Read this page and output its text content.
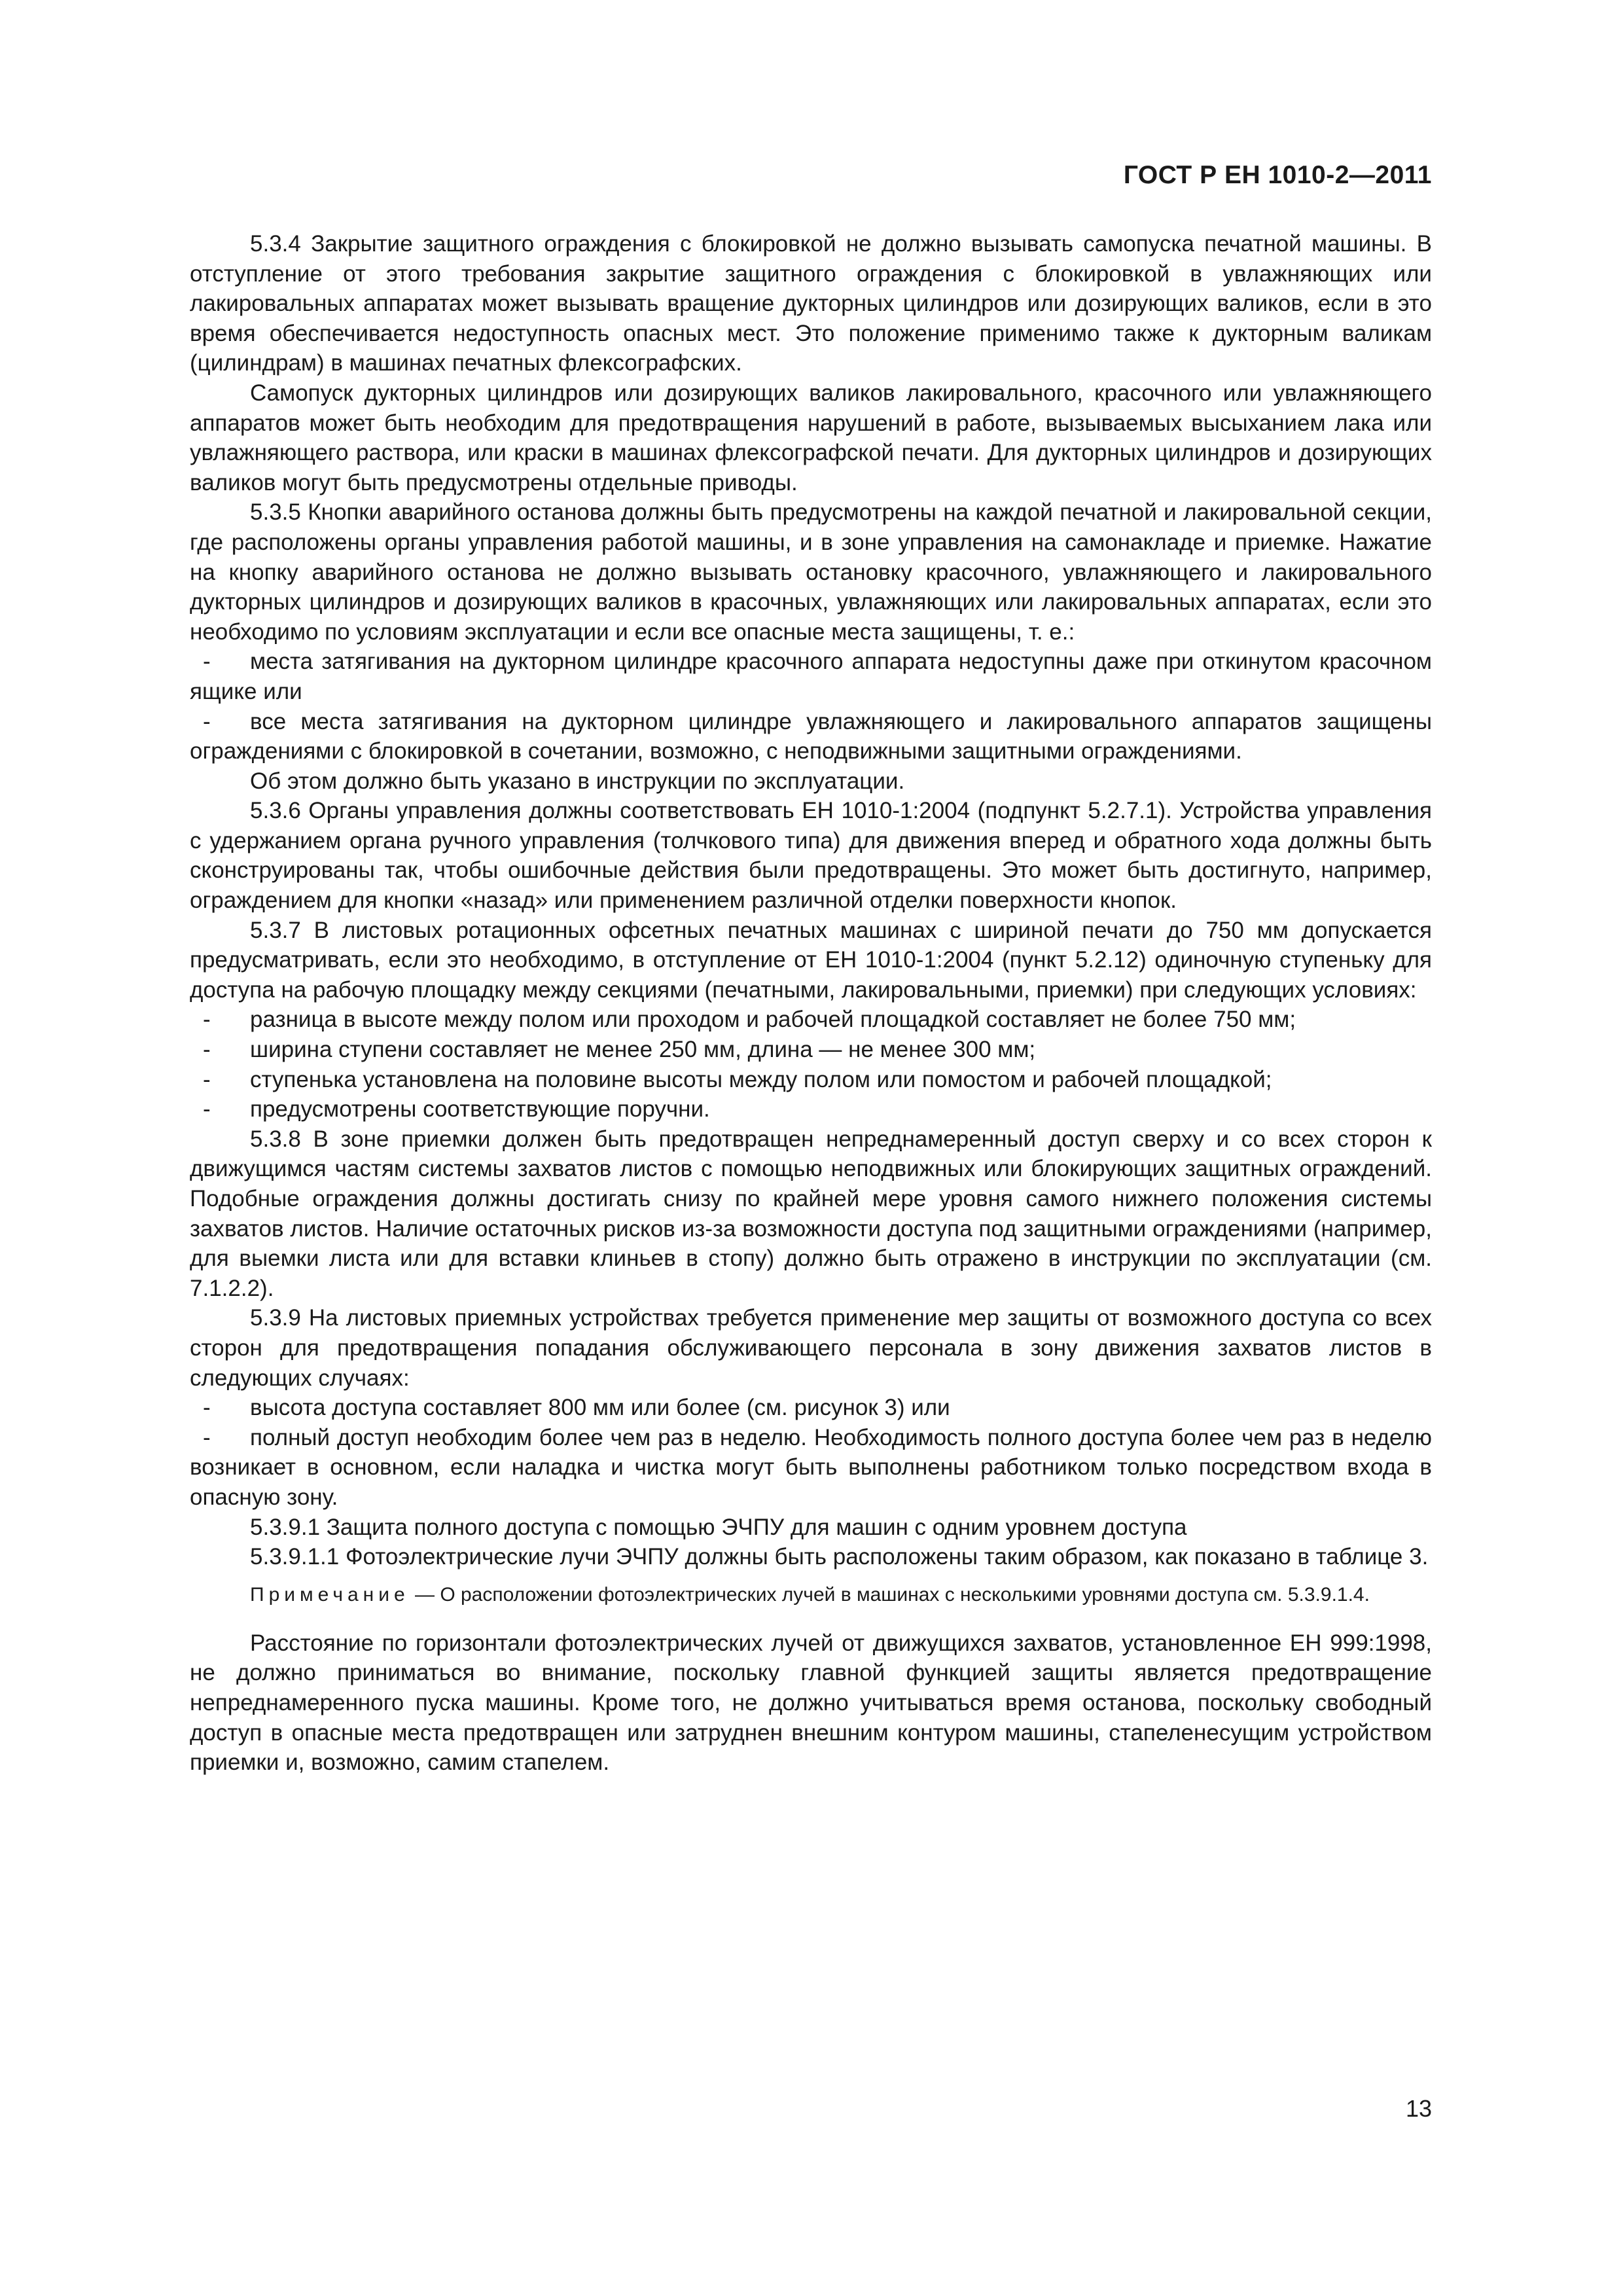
ГОСТ Р ЕН 1010-2—2011

5.3.4 Закрытие защитного ограждения с блокировкой не должно вызывать самопуска печатной машины. В отступление от этого требования закрытие защитного ограждения с блокировкой в увлажняющих или лакировальных аппаратах может вызывать вращение дукторных цилиндров или дозирующих валиков, если в это время обеспечивается недоступность опасных мест. Это положение применимо также к дукторным валикам (цилиндрам) в машинах печатных флексографских.

Самопуск дукторных цилиндров или дозирующих валиков лакировального, красочного или увлажняющего аппаратов может быть необходим для предотвращения нарушений в работе, вызываемых высыханием лака или увлажняющего раствора, или краски в машинах флексографской печати. Для дукторных цилиндров и дозирующих валиков могут быть предусмотрены отдельные приводы.

5.3.5 Кнопки аварийного останова должны быть предусмотрены на каждой печатной и лакировальной секции, где расположены органы управления работой машины, и в зоне управления на самонакладе и приемке. Нажатие на кнопку аварийного останова не должно вызывать остановку красочного, увлажняющего и лакировального дукторных цилиндров и дозирующих валиков в красочных, увлажняющих или лакировальных аппаратах, если это необходимо по условиям эксплуатации и если все опасные места защищены, т. е.:

- места затягивания на дукторном цилиндре красочного аппарата недоступны даже при откинутом красочном ящике или

- все места затягивания на дукторном цилиндре увлажняющего и лакировального аппаратов защищены ограждениями с блокировкой в сочетании, возможно, с неподвижными защитными ограждениями.

Об этом должно быть указано в инструкции по эксплуатации.

5.3.6 Органы управления должны соответствовать ЕН 1010-1:2004 (подпункт 5.2.7.1). Устройства управления с удержанием органа ручного управления (толчкового типа) для движения вперед и обратного хода должны быть сконструированы так, чтобы ошибочные действия были предотвращены. Это может быть достигнуто, например, ограждением для кнопки «назад» или применением различной отделки поверхности кнопок.

5.3.7 В листовых ротационных офсетных печатных машинах с шириной печати до 750 мм допускается предусматривать, если это необходимо, в отступление от ЕН 1010-1:2004 (пункт 5.2.12) одиночную ступеньку для доступа на рабочую площадку между секциями (печатными, лакировальными, приемки) при следующих условиях:

- разница в высоте между полом или проходом и рабочей площадкой составляет не более 750 мм;

- ширина ступени составляет не менее 250 мм, длина — не менее 300 мм;

- ступенька установлена на половине высоты между полом или помостом и рабочей площадкой;

- предусмотрены соответствующие поручни.

5.3.8 В зоне приемки должен быть предотвращен непреднамеренный доступ сверху и со всех сторон к движущимся частям системы захватов листов с помощью неподвижных или блокирующих защитных ограждений. Подобные ограждения должны достигать снизу по крайней мере уровня самого нижнего положения системы захватов листов. Наличие остаточных рисков из-за возможности доступа под защитными ограждениями (например, для выемки листа или для вставки клиньев в стопу) должно быть отражено в инструкции по эксплуатации (см. 7.1.2.2).

5.3.9 На листовых приемных устройствах требуется применение мер защиты от возможного доступа со всех сторон для предотвращения попадания обслуживающего персонала в зону движения захватов листов в следующих случаях:

- высота доступа составляет 800 мм или более (см. рисунок 3) или

- полный доступ необходим более чем раз в неделю. Необходимость полного доступа более чем раз в неделю возникает в основном, если наладка и чистка могут быть выполнены работником только посредством входа в опасную зону.

5.3.9.1 Защита полного доступа с помощью ЭЧПУ для машин с одним уровнем доступа

5.3.9.1.1 Фотоэлектрические лучи ЭЧПУ должны быть расположены таким образом, как показано в таблице 3.

Примечание — О расположении фотоэлектрических лучей в машинах с несколькими уровнями доступа см. 5.3.9.1.4.

Расстояние по горизонтали фотоэлектрических лучей от движущихся захватов, установленное ЕН 999:1998, не должно приниматься во внимание, поскольку главной функцией защиты является предотвращение непреднамеренного пуска машины. Кроме того, не должно учитываться время останова, поскольку свободный доступ в опасные места предотвращен или затруднен внешним контуром машины, стапеленесущим устройством приемки и, возможно, самим стапелем.

13
